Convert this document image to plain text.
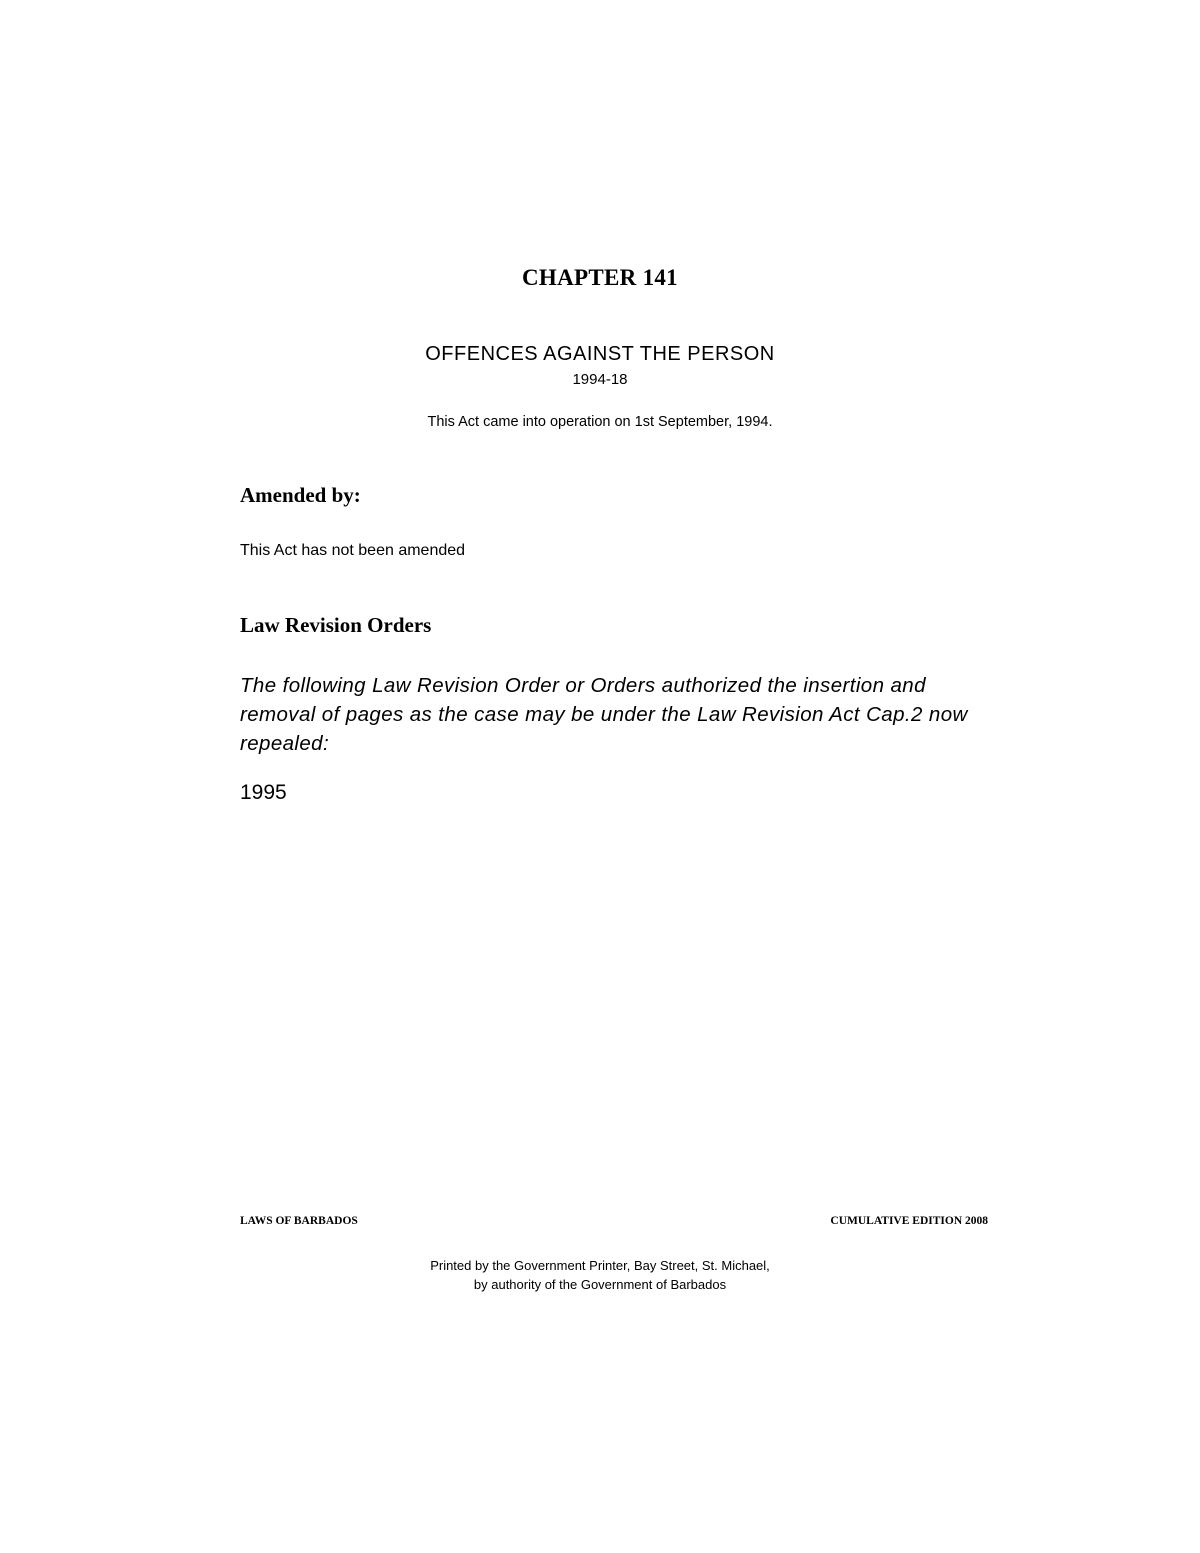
CHAPTER 141
OFFENCES AGAINST THE PERSON
1994-18
This Act came into operation on 1st September, 1994.
Amended by:
This Act has not been amended
Law Revision Orders
The following Law Revision Order or Orders authorized the insertion and removal of pages as the case may be under the Law Revision Act Cap.2 now repealed:
1995
LAWS OF BARBADOS	CUMULATIVE EDITION 2008
Printed by the Government Printer, Bay Street, St. Michael,
by authority of the Government of Barbados
